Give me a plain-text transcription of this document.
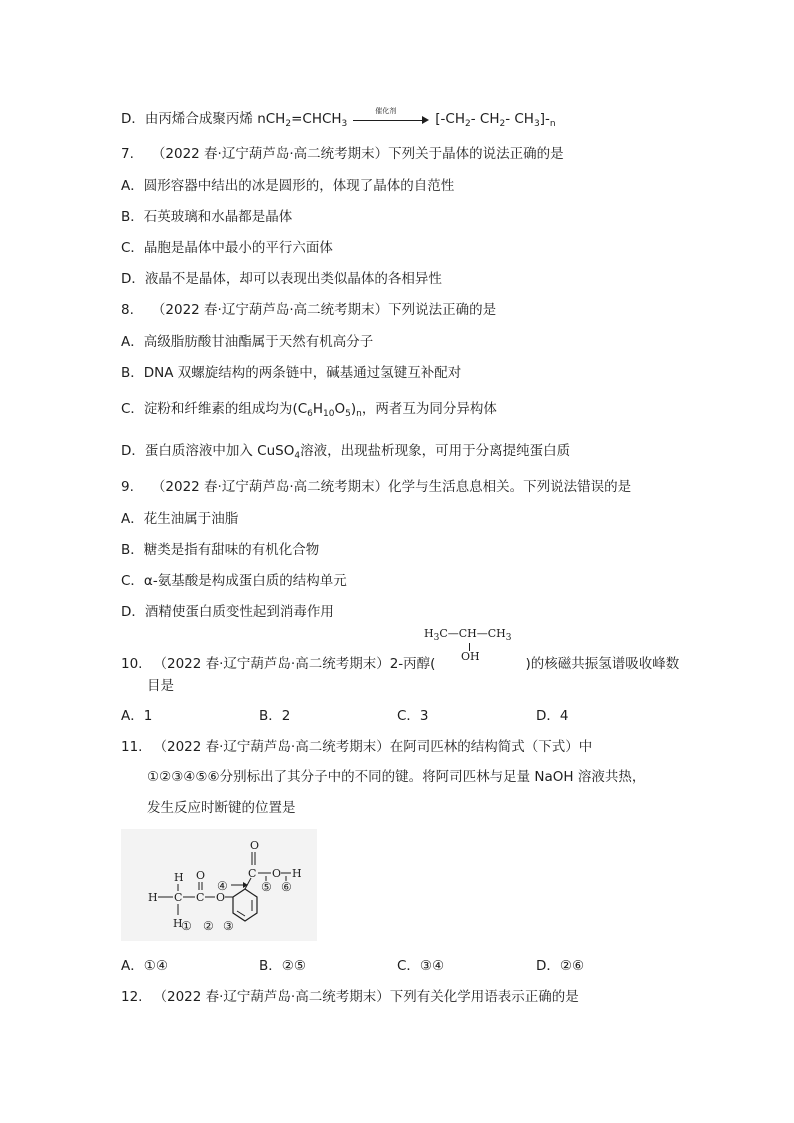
D．由丙烯合成聚丙烯 $nCH_2=CHCH_3$
催化剂	[$-CH_2-$ $CH_2-$ $CH_3]-_n$
7. （2022 春·辽宁葫芦岛·高二统考期末）下列关于晶体的说法正确的是
A．圆形容器中结出的冰是圆形的，体现了晶体的自范性
B．石英玻璃和水晶都是晶体
C．晶胞是晶体中最小的平行六面体
D．液晶不是晶体，却可以表现出类似晶体的各相异性
8. （2022 春·辽宁葫芦岛·高二统考期末）下列说法正确的是
A．高级脂肪酸甘油酯属于天然有机高分子
B．DNA 双螺旋结构的两条链中，碱基通过氢键互补配对
C．淀粉和纤维素的组成均为$(C_6H_{10}O_5)_n$，两者互为同分异构体
D．蛋白质溶液中加入 CuSO$_4$溶液，出现盐析现象，可用于分离提纯蛋白质
9. （2022 春·辽宁葫芦岛·高二统考期末）化学与生活息息相关。下列说法错误的是
A．花生油属于油脂
B．糖类是指有甜味的有机化合物
C．α-氨基酸是构成蛋白质的结构单元
D．酒精使蛋白质变性起到消毒作用
$H_3C—CH—CH_3$
OH
10. （2022 春·辽宁葫芦岛·高二统考期末）2-丙醇(	)的核磁共振氢谱吸收峰数
目是
A．1	B．2	C．3	D．4
11. （2022 春·辽宁葫芦岛·高二统考期末）在阿司匹林的结构简式（下式）中
①②③④⑤⑥分别标出了其分子中的不同的键。将阿司匹林与足量 NaOH 溶液共热，
发生反应时断键的位置是
H
H C
H
C
O
O
C
O
O H
① ② ③
④	⑤ ⑥
A．①④	B．②⑤	C．③④	D．②⑥
12. （2022 春·辽宁葫芦岛·高二统考期末）下列有关化学用语表示正确的是
